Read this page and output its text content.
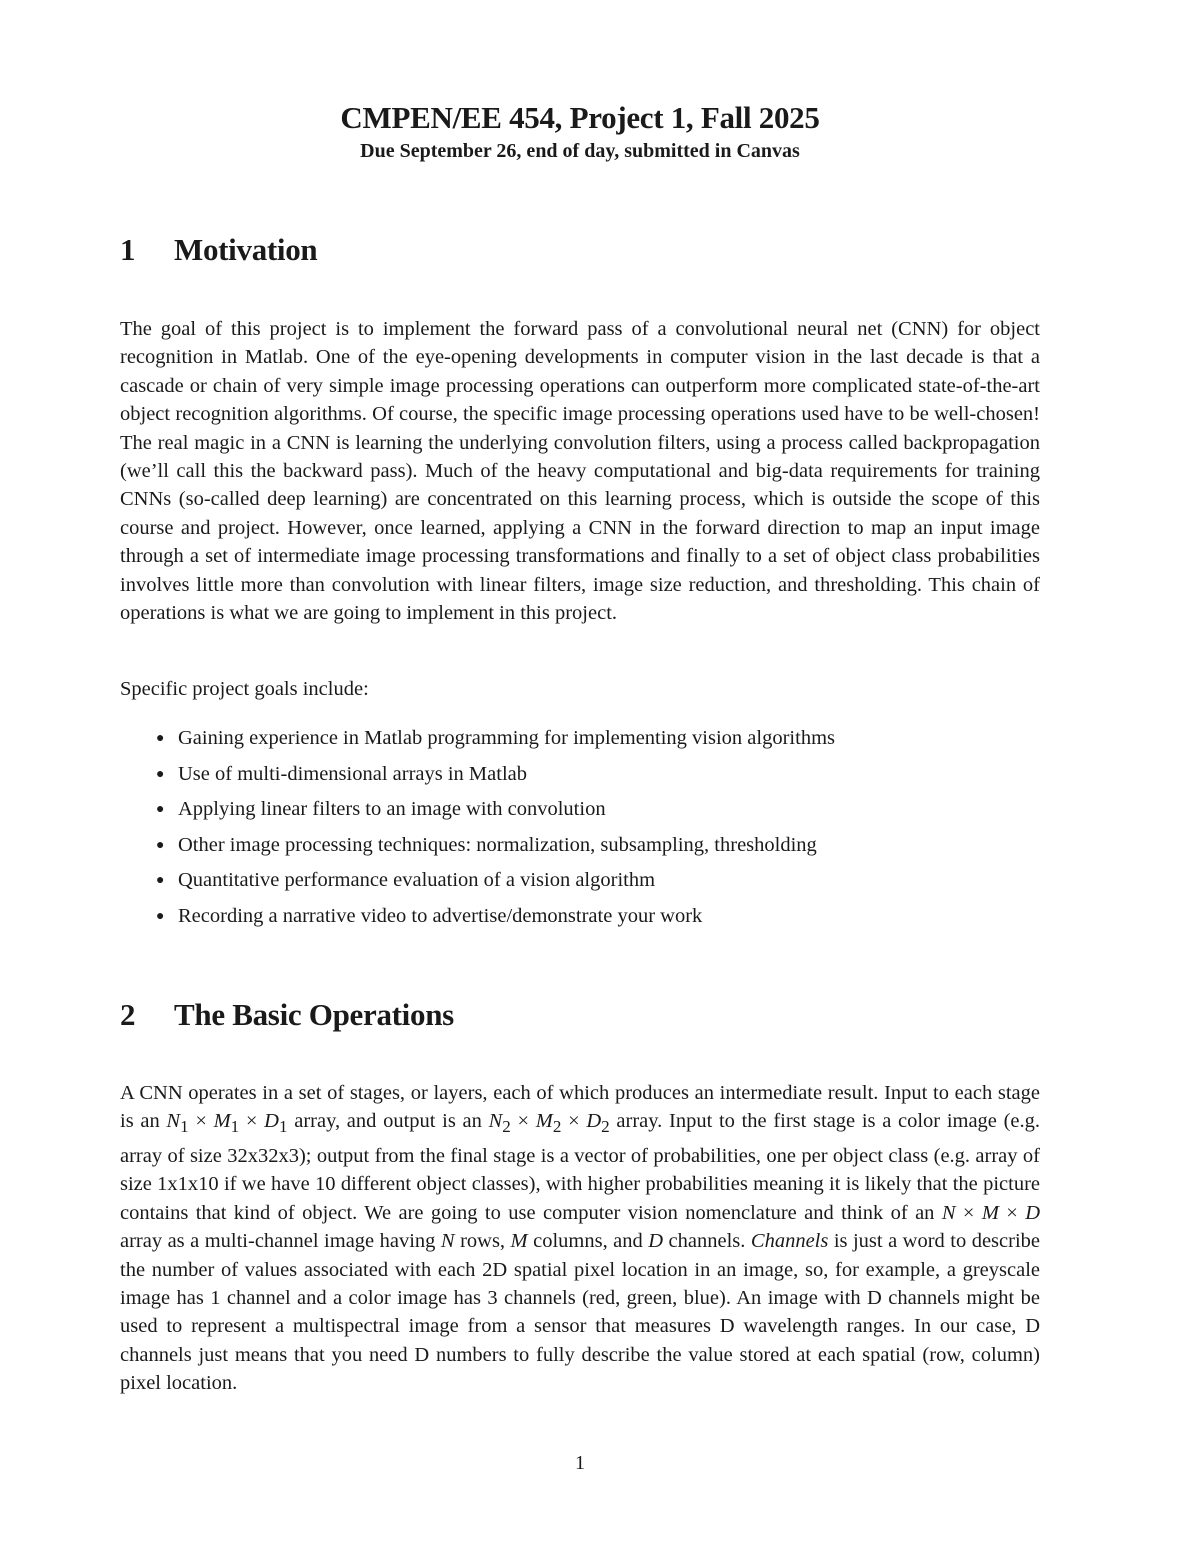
CMPEN/EE 454, Project 1, Fall 2025
Due September 26, end of day, submitted in Canvas
1 Motivation

The goal of this project is to implement the forward pass of a convolutional neural net (CNN) for object recognition in Matlab. One of the eye-opening developments in computer vision in the last decade is that a cascade or chain of very simple image processing operations can outperform more complicated state-of-the-art object recognition algorithms. Of course, the specific image processing operations used have to be well-chosen! The real magic in a CNN is learning the underlying convolution filters, using a process called backpropagation (we’ll call this the backward pass). Much of the heavy computational and big-data requirements for training CNNs (so-called deep learning) are concentrated on this learning process, which is outside the scope of this course and project. However, once learned, applying a CNN in the forward direction to map an input image through a set of intermediate image processing transformations and finally to a set of object class probabilities involves little more than convolution with linear filters, image size reduction, and thresholding. This chain of operations is what we are going to implement in this project.

Specific project goals include:

● Gaining experience in Matlab programming for implementing vision algorithms
● Use of multi-dimensional arrays in Matlab
● Applying linear filters to an image with convolution
● Other image processing techniques: normalization, subsampling, thresholding
● Quantitative performance evaluation of a vision algorithm
● Recording a narrative video to advertise/demonstrate your work
2 The Basic Operations

A CNN operates in a set of stages, or layers, each of which produces an intermediate result. Input to each stage is an $N_1 \times M_1 \times D_1$ array, and output is an $N_2 \times M_2 \times D_2$ array. Input to the first stage is a color image (e.g. array of size 32x32x3); output from the final stage is a vector of probabilities, one per object class (e.g. array of size 1x1x10 if we have 10 different object classes), with higher probabilities meaning it is likely that the picture contains that kind of object. We are going to use computer vision nomenclature and think of an N × M × D array as a multi-channel image having N rows, M columns, and D channels. Channels is just a word to describe the number of values associated with each 2D spatial pixel location in an image, so, for example, a greyscale image has 1 channel and a color image has 3 channels (red, green, blue). An image with D channels might be used to represent a multispectral image from a sensor that measures D wavelength ranges. In our case, D channels just means that you need D numbers to fully describe the value stored at each spatial (row, column) pixel location.

1
